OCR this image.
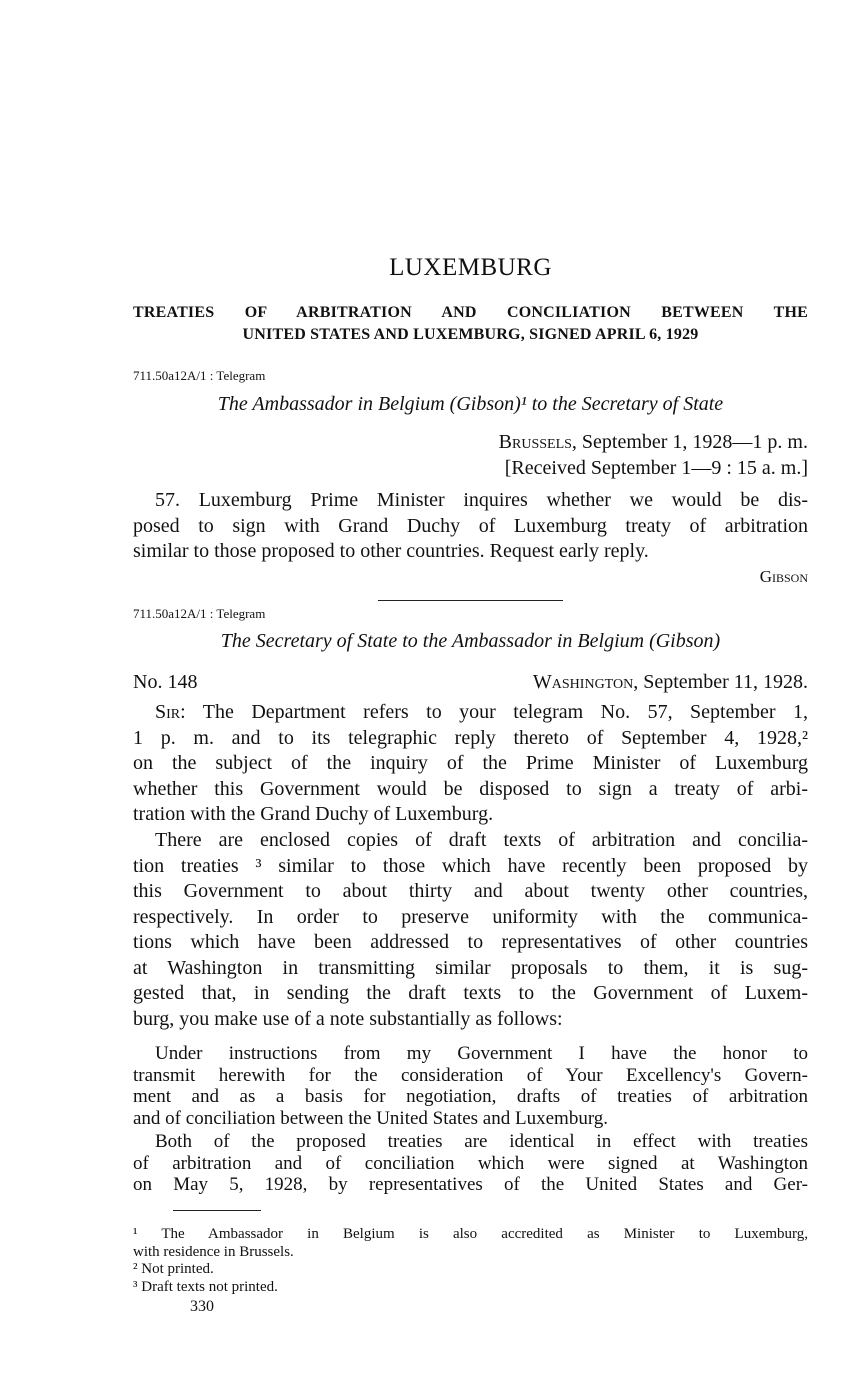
LUXEMBURG
TREATIES OF ARBITRATION AND CONCILIATION BETWEEN THE
UNITED STATES AND LUXEMBURG, SIGNED APRIL 6, 1929
711.50a12A/1 : Telegram
The Ambassador in Belgium (Gibson)¹ to the Secretary of State
Brussels, September 1, 1928—1 p. m.
[Received September 1—9 : 15 a. m.]
57. Luxemburg Prime Minister inquires whether we would be dis-
posed to sign with Grand Duchy of Luxemburg treaty of arbitration
similar to those proposed to other countries. Request early reply.
Gibson
711.50a12A/1 : Telegram
The Secretary of State to the Ambassador in Belgium (Gibson)
No. 148	Washington, September 11, 1928.
Sir: The Department refers to your telegram No. 57, September 1,
1 p. m. and to its telegraphic reply thereto of September 4, 1928,²
on the subject of the inquiry of the Prime Minister of Luxemburg
whether this Government would be disposed to sign a treaty of arbi-
tration with the Grand Duchy of Luxemburg.
There are enclosed copies of draft texts of arbitration and concilia-
tion treaties ³ similar to those which have recently been proposed by
this Government to about thirty and about twenty other countries,
respectively. In order to preserve uniformity with the communica-
tions which have been addressed to representatives of other countries
at Washington in transmitting similar proposals to them, it is sug-
gested that, in sending the draft texts to the Government of Luxem-
burg, you make use of a note substantially as follows:
Under instructions from my Government I have the honor to
transmit herewith for the consideration of Your Excellency's Govern-
ment and as a basis for negotiation, drafts of treaties of arbitration
and of conciliation between the United States and Luxemburg.
Both of the proposed treaties are identical in effect with treaties
of arbitration and of conciliation which were signed at Washington
on May 5, 1928, by representatives of the United States and Ger-
¹ The Ambassador in Belgium is also accredited as Minister to Luxemburg,
with residence in Brussels.
² Not printed.
³ Draft texts not printed.
330
